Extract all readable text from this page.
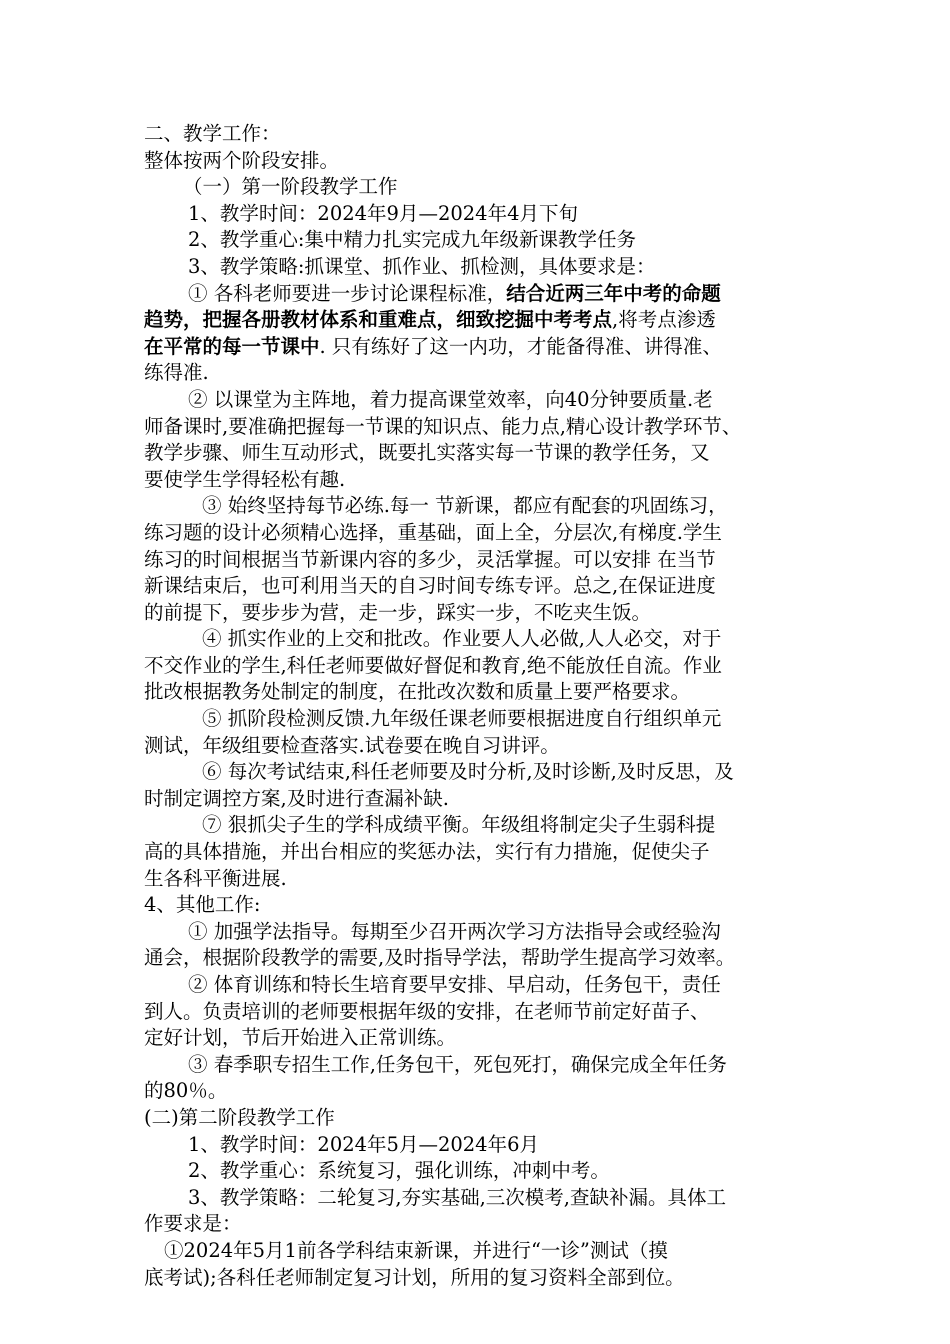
二、教学工作：
整体按两个阶段安排。
（一）第一阶段教学工作
1、教学时间：2024年9月—2024年4月下旬
2、教学重心:集中精力扎实完成九年级新课教学任务
3、教学策略:抓课堂、抓作业、抓检测，具体要求是：
① 各科老师要进一步讨论课程标准，结合近两三年中考的命题
趋势，把握各册教材体系和重难点，细致挖掘中考考点,将考点渗透
在平常的每一节课中. 只有练好了这一内功，才能备得准、讲得准、
练得准.
② 以课堂为主阵地，着力提高课堂效率，向40分钟要质量.老
师备课时,要准确把握每一节课的知识点、能力点,精心设计教学环节、
教学步骤、师生互动形式，既要扎实落实每一节课的教学任务，又
要使学生学得轻松有趣.
③ 始终坚持每节必练.每一 节新课，都应有配套的巩固练习，
练习题的设计必须精心选择，重基础，面上全，分层次,有梯度.学生
练习的时间根据当节新课内容的多少，灵活掌握。可以安排 在当节
新课结束后，也可利用当天的自习时间专练专评。总之,在保证进度
的前提下，要步步为营，走一步，踩实一步，不吃夹生饭。
④ 抓实作业的上交和批改。作业要人人必做,人人必交，对于
不交作业的学生,科任老师要做好督促和教育,绝不能放任自流。作业
批改根据教务处制定的制度，在批改次数和质量上要严格要求。
⑤ 抓阶段检测反馈.九年级任课老师要根据进度自行组织单元
测试，年级组要检查落实.试卷要在晚自习讲评。
⑥ 每次考试结束,科任老师要及时分析,及时诊断,及时反思，及
时制定调控方案,及时进行查漏补缺.
⑦ 狠抓尖子生的学科成绩平衡。年级组将制定尖子生弱科提
高的具体措施，并出台相应的奖惩办法，实行有力措施，促使尖子
生各科平衡进展.
4、其他工作:
① 加强学法指导。每期至少召开两次学习方法指导会或经验沟
通会，根据阶段教学的需要,及时指导学法，帮助学生提高学习效率。
② 体育训练和特长生培育要早安排、早启动，任务包干，责任
到人。负责培训的老师要根据年级的安排，在老师节前定好苗子、
定好计划，节后开始进入正常训练。
③ 春季职专招生工作,任务包干，死包死打，确保完成全年任务
的80％。
(二)第二阶段教学工作
1、教学时间：2024年5月—2024年6月
2、教学重心：系统复习，强化训练，冲刺中考。
3、教学策略：二轮复习,夯实基础,三次模考,查缺补漏。具体工
作要求是：
①2024年5月1前各学科结束新课，并进行“一诊”测试（摸
底考试);各科任老师制定复习计划，所用的复习资料全部到位。
